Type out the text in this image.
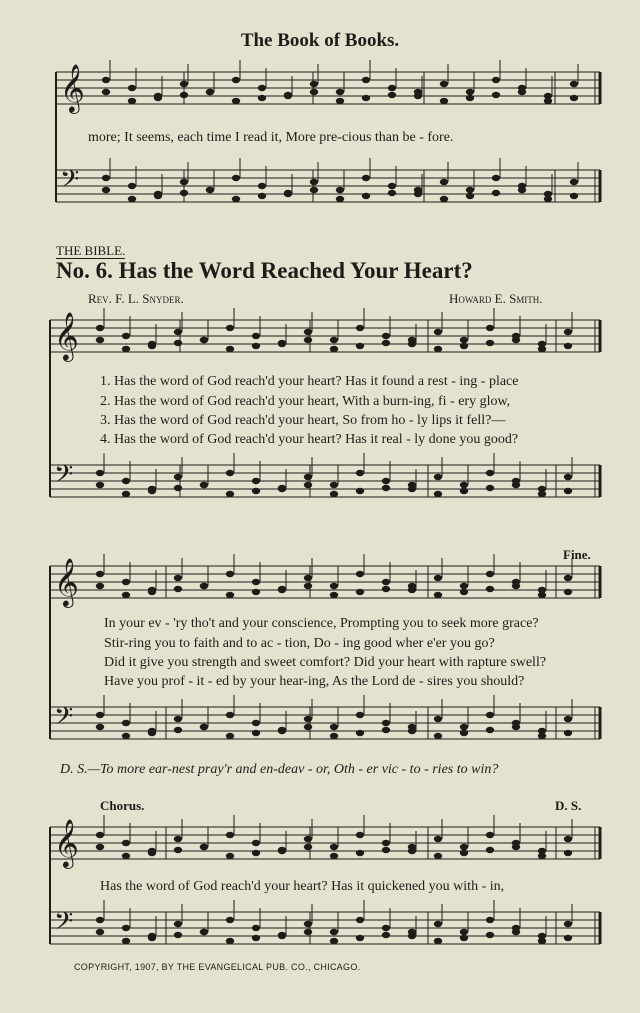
𝄞
𝄢
𝄞
𝄢
𝄞
𝄢
𝄞
𝄢
The Book of Books.
more; It seems, each time I read it, More pre-cious than be - fore.
THE BIBLE.
No. 6. Has the Word Reached Your Heart?
Rev. F. L. Snyder.	Howard E. Smith.
1. Has the word of God reach'd your heart? Has it found a rest - ing - place
2. Has the word of God reach'd your heart, With a burn-ing, fi - ery glow,
3. Has the word of God reach'd your heart, So from ho - ly lips it fell?—
4. Has the word of God reach'd your heart? Has it real - ly done you good?
Fine.
In your ev - 'ry tho't and your conscience, Prompting you to seek more grace?
Stir-ring you to faith and to ac - tion, Do - ing good wher e'er you go?
Did it give you strength and sweet comfort? Did your heart with rapture swell?
Have you prof - it - ed by your hear-ing, As the Lord de - sires you should?
D. S.—To more ear-nest pray'r and en-deav - or, Oth - er vic - to - ries to win?
Chorus.	D. S.
Has the word of God reach'd your heart? Has it quickened you with - in,
COPYRIGHT, 1907, BY THE EVANGELICAL PUB. CO., CHICAGO.
